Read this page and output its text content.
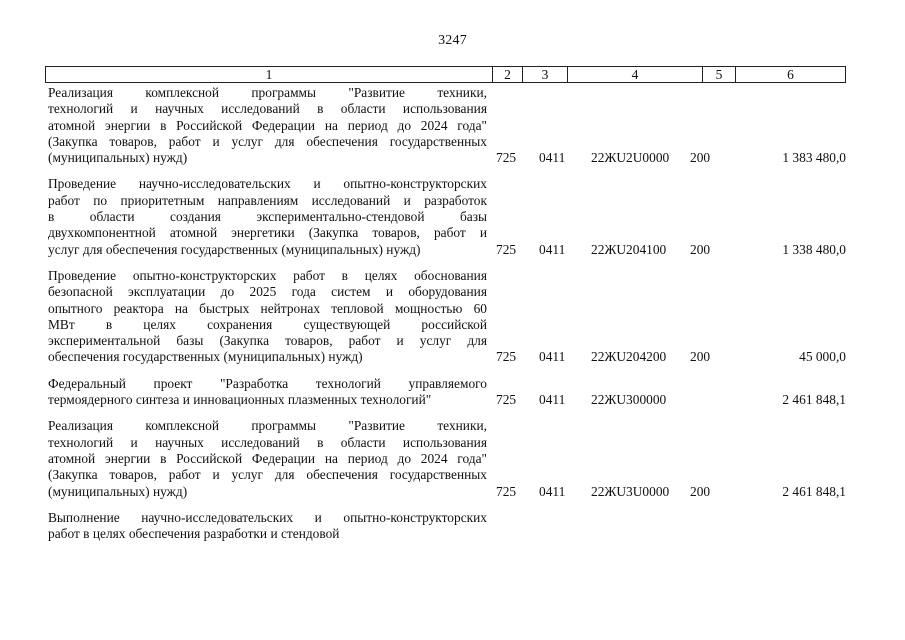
3247
1	2	3	4	5	6
Реализация комплексной программы "Развитие техники,
технологий и научных исследований в области использования
атомной энергии в Российской Федерации на период до 2024 года"
(Закупка товаров, работ и услуг для обеспечения государственных
(муниципальных) нужд)	725 0411 22ЖU2U0000 200	1 383 480,0
Проведение научно-исследовательских и опытно-конструкторских
работ по приоритетным направлениям исследований и разработок
в области создания экспериментально-стендовой базы
двухкомпонентной атомной энергетики (Закупка товаров, работ и
услуг для обеспечения государственных (муниципальных) нужд)	725 0411 22ЖU204100 200	1 338 480,0
Проведение опытно-конструкторских работ в целях обоснования
безопасной эксплуатации до 2025 года систем и оборудования
опытного реактора на быстрых нейтронах тепловой мощностью 60
МВт в целях сохранения существующей российской
экспериментальной базы (Закупка товаров, работ и услуг для
обеспечения государственных (муниципальных) нужд)	725 0411 22ЖU204200 200	45 000,0
Федеральный проект "Разработка технологий управляемого
термоядерного синтеза и инновационных плазменных технологий"	725 0411 22ЖU300000	2 461 848,1
Реализация комплексной программы "Развитие техники,
технологий и научных исследований в области использования
атомной энергии в Российской Федерации на период до 2024 года"
(Закупка товаров, работ и услуг для обеспечения государственных
(муниципальных) нужд)	725 0411 22ЖU3U0000 200	2 461 848,1
Выполнение научно-исследовательских и опытно-конструкторских
работ в целях обеспечения разработки и стендовой
